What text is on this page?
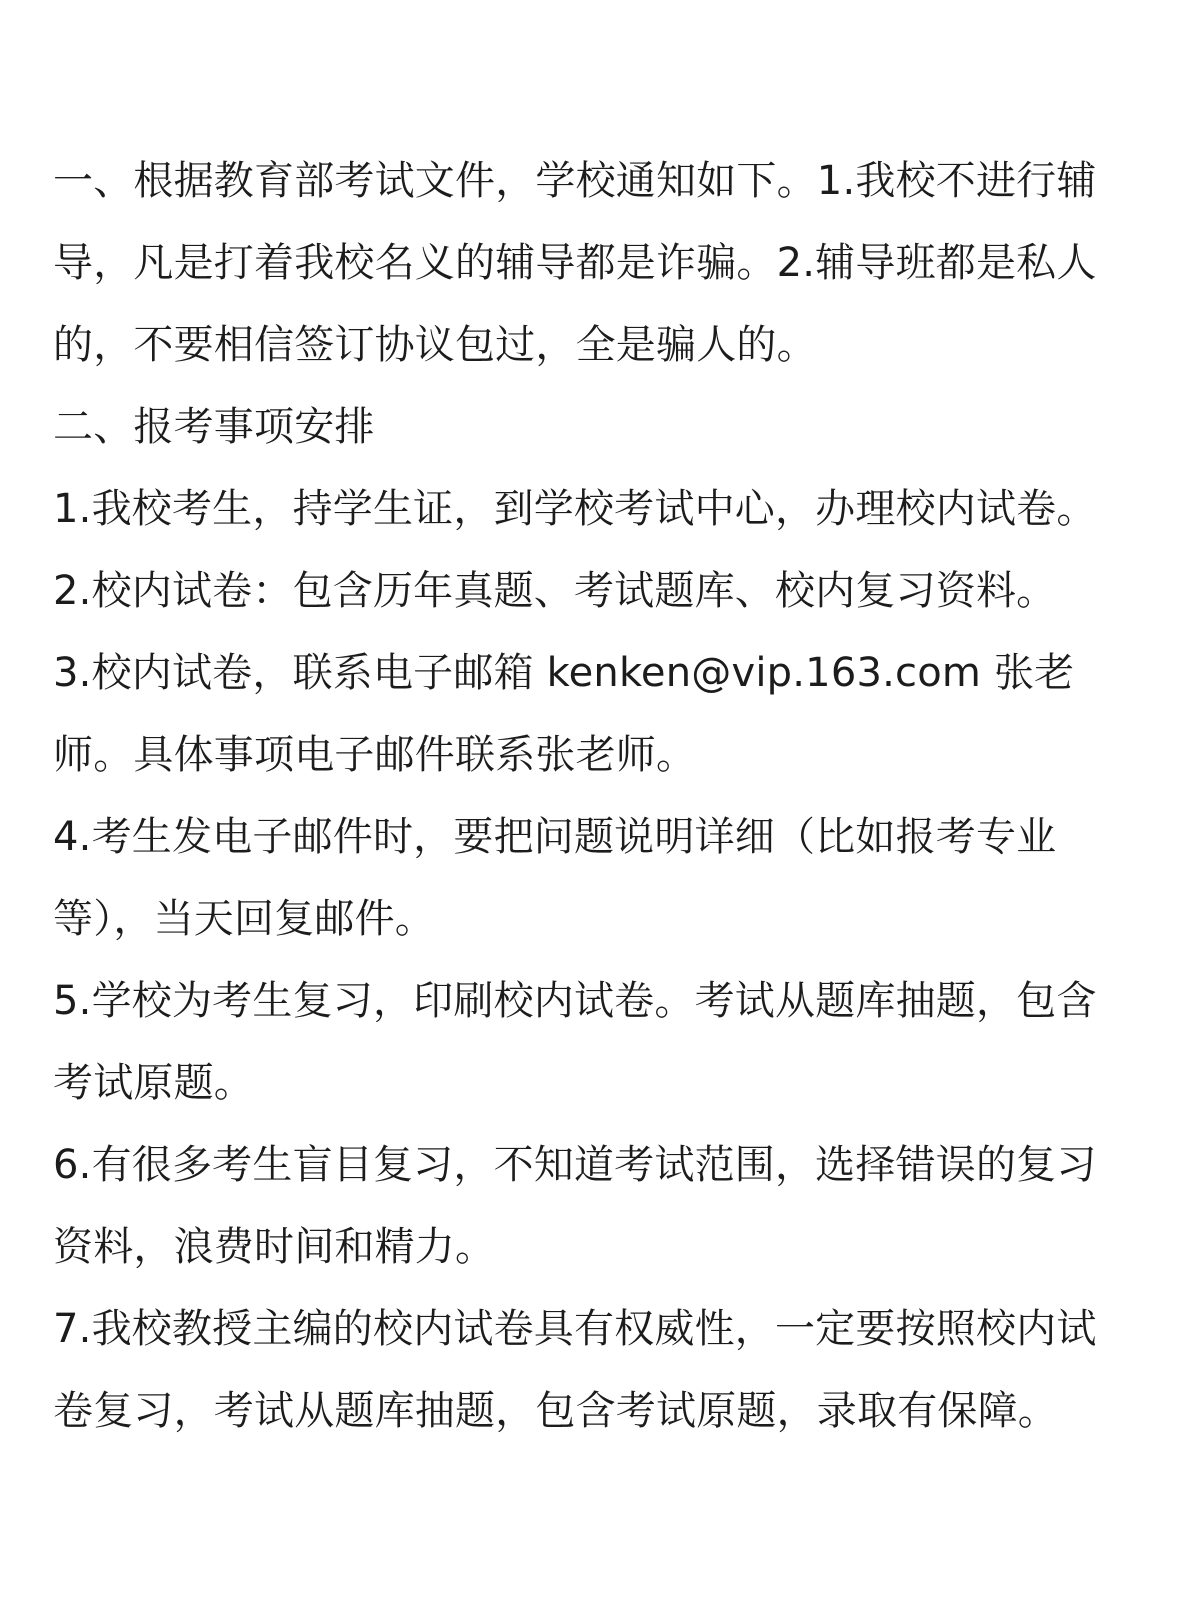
一、根据教育部考试文件，学校通知如下。1.我校不进行辅导，凡是打着我校名义的辅导都是诈骗。2.辅导班都是私人的，不要相信签订协议包过，全是骗人的。

二、报考事项安排

1.我校考生，持学生证，到学校考试中心，办理校内试卷。

2.校内试卷：包含历年真题、考试题库、校内复习资料。

3.校内试卷，联系电子邮箱 kenken@vip.163.com 张老师。具体事项电子邮件联系张老师。

4.考生发电子邮件时，要把问题说明详细（比如报考专业等），当天回复邮件。

5.学校为考生复习，印刷校内试卷。考试从题库抽题，包含考试原题。

6.有很多考生盲目复习，不知道考试范围，选择错误的复习资料，浪费时间和精力。

7.我校教授主编的校内试卷具有权威性，一定要按照校内试卷复习，考试从题库抽题，包含考试原题，录取有保障。
